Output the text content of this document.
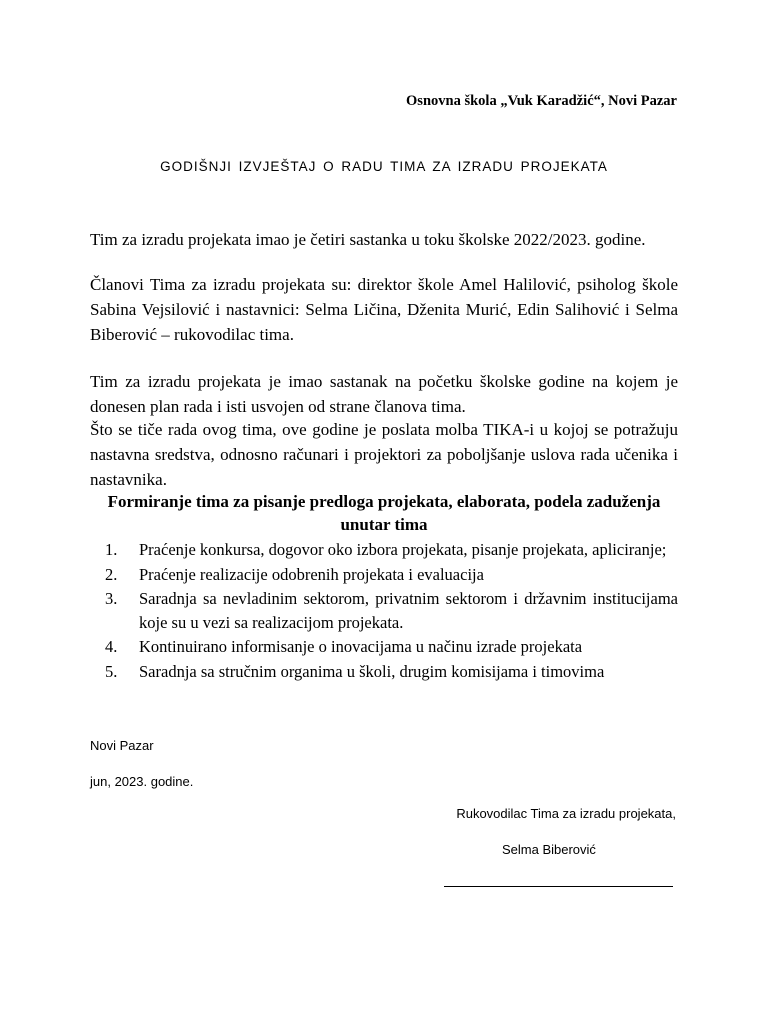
Osnovna škola „Vuk Karadžić“, Novi Pazar
GODIŠNJI IZVJEŠTAJ O RADU TIMA ZA IZRADU PROJEKATA
Tim za izradu projekata imao je četiri sastanka u toku školske 2022/2023. godine.
Članovi Tima za izradu projekata su: direktor škole Amel Halilović, psiholog škole Sabina Vejsilović i nastavnici: Selma Ličina, Dženita Murić, Edin Salihović i Selma Biberović – rukovodilac tima.
Tim za izradu projekata je imao sastanak na početku školske godine na kojem je donesen plan rada i isti usvojen od strane članova tima.
Što se tiče rada ovog tima, ove godine je poslata molba TIKA-i u kojoj se potražuju nastavna sredstva, odnosno računari i projektori za poboljšanje uslova rada učenika i nastavnika.
Formiranje tima za pisanje predloga projekata, elaborata, podela zaduženja unutar tima
1.	Praćenje konkursa, dogovor oko izbora projekata, pisanje projekata, apliciranje;
2.	Praćenje realizacije odobrenih projekata i evaluacija
3.	Saradnja sa nevladinim sektorom, privatnim sektorom i državnim institucijama koje su u vezi sa realizacijom projekata.
4.	Kontinuirano informisanje o inovacijama u načinu izrade projekata
5.	Saradnja sa stručnim organima u školi, drugim komisijama i timovima
Novi Pazar
jun, 2023. godine.
Rukovodilac Tima za izradu projekata,
Selma Biberović
